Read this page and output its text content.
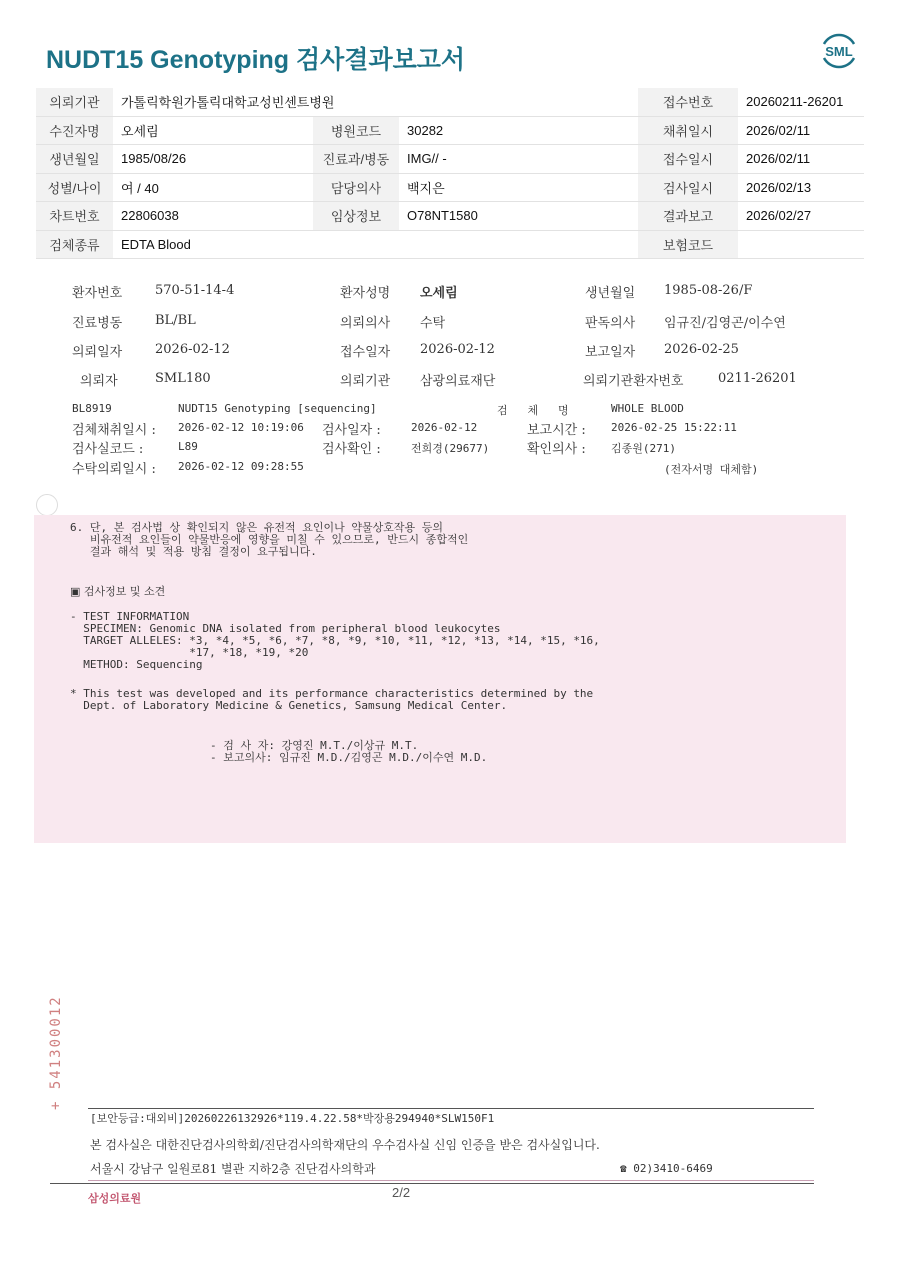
NUDT15 Genotyping 검사결과보고서	SML
의뢰기관	가톨릭학원가톨릭대학교성빈센트병원			접수번호	20260211-26201
수진자명	오세림	병원코드	30282	채취일시	2026/02/11
생년월일	1985/08/26	진료과/병동	IMG// -	접수일시	2026/02/11
성별/나이	여 / 40	담당의사	백지은	검사일시	2026/02/13
차트번호	22806038	임상정보	O78NT1580	결과보고	2026/02/27
검체종류	EDTA Blood			보험코드	
환자번호	570-51-14-4	환자성명 오세림	생년월일 1985-08-26/F
진료병동	BL/BL	의뢰의사 수탁	판독의사 임규진/김영곤/이수연
의뢰일자	2026-02-12	접수일자 2026-02-12	보고일자 2026-02-25
의뢰자	SML180	의뢰기관 삼광의료재단	의뢰기관환자번호	0211-26201
BL8919	NUDT15 Genotyping [sequencing]	검   체   명	WHOLE BLOOD
검체채취일시 : 2026-02-12 10:19:06 검사일자 :	2026-02-12	보고시간 : 2026-02-25 15:22:11
검사실코드 :	L89	검사확인 :	전희경(29677)	확인의사 : 김종원(271)
수탁의뢰일시 : 2026-02-12 09:28:55	(전자서명 대체함)
6. 단, 본 검사법 상 확인되지 않은 유전적 요인이나 약물상호작용 등의
비유전적 요인들이 약물반응에 영향을 미칠 수 있으므로, 반드시 종합적인
결과 해석 및 적용 방침 결정이 요구됩니다.
▣ 검사정보 및 소견
- TEST INFORMATION
SPECIMEN: Genomic DNA isolated from peripheral blood leukocytes
TARGET ALLELES: *3, *4, *5, *6, *7, *8, *9, *10, *11, *12, *13, *14, *15, *16,
*17, *18, *19, *20
METHOD: Sequencing
* This test was developed and its performance characteristics determined by the
Dept. of Laboratory Medicine & Genetics, Samsung Medical Center.
- 검 사 자: 강영진 M.T./이상규 M.T.
- 보고의사: 임규진 M.D./김영곤 M.D./이수연 M.D.
+ 541300012
[보안등급:대외비]20260226132926*119.4.22.58*박장용294940*SLW150F1
본 검사실은 대한진단검사의학회/진단검사의학재단의 우수검사실 신임 인증을 받은 검사실입니다.
서울시 강남구 일원로81 별관 지하2층 진단검사의학과	☎ 02)3410-6469
삼성의료원	2/2
